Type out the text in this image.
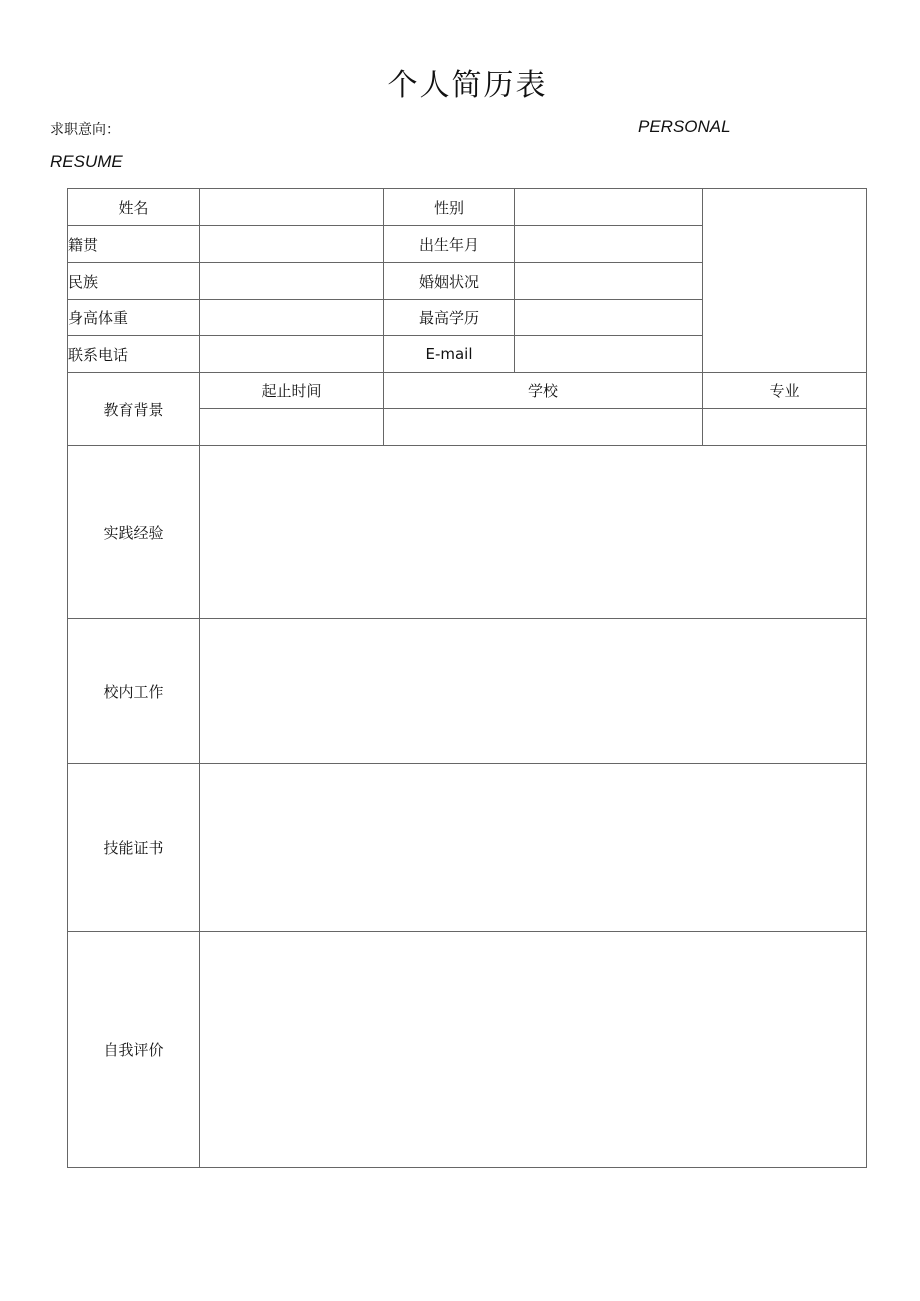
个人简历表
求职意向：	PERSONAL
RESUME
姓名		性别		
籍贯		出生年月		
民族		婚姻状况		
身高体重		最高学历		
联系电话		E-mail		
教育背景	起止时间	学校		专业

实践经验				
校内工作				
技能证书				
自我评价				
